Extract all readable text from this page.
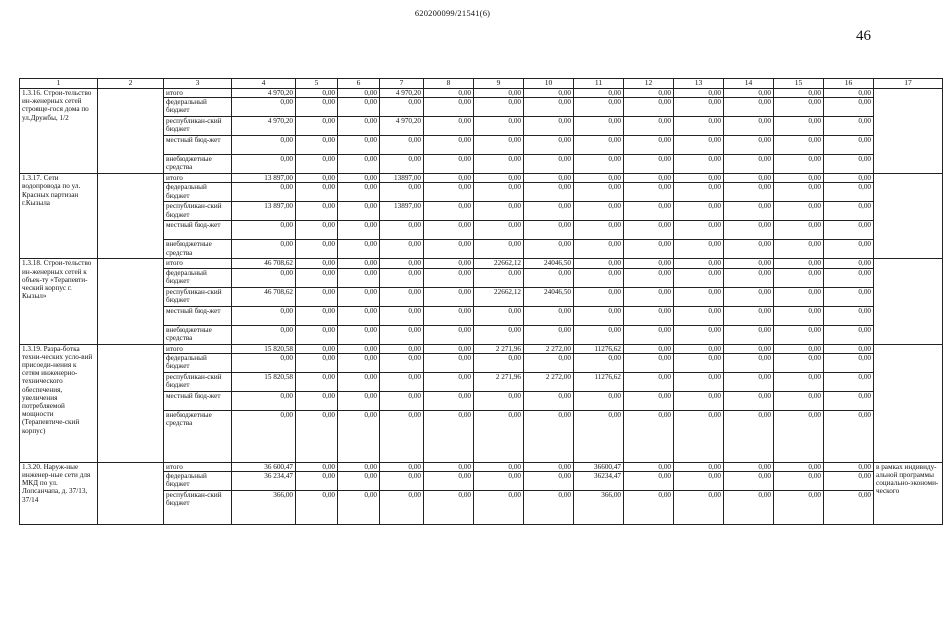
620200099/21541(6)
46
1	2	3	4	5	6	7	8	9	10	11	12	13	14	15	16	17
1.3.16. Строи-тельство ин-женерных сетей строяще-гося дома по ул.Дружбы, 1/2		итого	4 970,20	0,00	0,00	4 970,20	0,00	0,00	0,00	0,00	0,00	0,00	0,00	0,00	0,00	
		федеральный бюджет	0,00	0,00	0,00	0,00	0,00	0,00	0,00	0,00	0,00	0,00	0,00	0,00	0,00	
		республикан-ский бюджет	4 970,20	0,00	0,00	4 970,20	0,00	0,00	0,00	0,00	0,00	0,00	0,00	0,00	0,00	
		местный бюд-жет	0,00	0,00	0,00	0,00	0,00	0,00	0,00	0,00	0,00	0,00	0,00	0,00	0,00	
		внебюджетные средства	0,00	0,00	0,00	0,00	0,00	0,00	0,00	0,00	0,00	0,00	0,00	0,00	0,00	
1.3.17. Сети водопровода по ул. Красных партизан г.Кызыла		итого	13 897,00	0,00	0,00	13897,00	0,00	0,00	0,00	0,00	0,00	0,00	0,00	0,00	0,00	
		федеральный бюджет	0,00	0,00	0,00	0,00	0,00	0,00	0,00	0,00	0,00	0,00	0,00	0,00	0,00	
		республикан-ский бюджет	13 897,00	0,00	0,00	13897,00	0,00	0,00	0,00	0,00	0,00	0,00	0,00	0,00	0,00	
		местный бюд-жет	0,00	0,00	0,00	0,00	0,00	0,00	0,00	0,00	0,00	0,00	0,00	0,00	0,00	
		внебюджетные средства	0,00	0,00	0,00	0,00	0,00	0,00	0,00	0,00	0,00	0,00	0,00	0,00	0,00	
1.3.18. Строи-тельство ин-женерных сетей к объек-ту «Терапевти-ческий корпус г. Кызыл»		итого	46 708,62	0,00	0,00	0,00	0,00	22662,12	24046,50	0,00	0,00	0,00	0,00	0,00	0,00	
		федеральный бюджет	0,00	0,00	0,00	0,00	0,00	0,00	0,00	0,00	0,00	0,00	0,00	0,00	0,00	
		республикан-ский бюджет	46 708,62	0,00	0,00	0,00	0,00	22662,12	24046,50	0,00	0,00	0,00	0,00	0,00	0,00	
		местный бюд-жет	0,00	0,00	0,00	0,00	0,00	0,00	0,00	0,00	0,00	0,00	0,00	0,00	0,00	
		внебюджетные средства	0,00	0,00	0,00	0,00	0,00	0,00	0,00	0,00	0,00	0,00	0,00	0,00	0,00	
1.3.19. Разра-ботка техни-ческих усло-вий присоеди-нения к сетям инженерно-технического обеспечения, увеличения потребляемой мощности (Терапевтиче-ский корпус)		итого	15 820,58	0,00	0,00	0,00	0,00	2 271,96	2 272,00	11276,62	0,00	0,00	0,00	0,00	0,00	
		федеральный бюджет	0,00	0,00	0,00	0,00	0,00	0,00	0,00	0,00	0,00	0,00	0,00	0,00	0,00	
		республикан-ский бюджет	15 820,58	0,00	0,00	0,00	0,00	2 271,96	2 272,00	11276,62	0,00	0,00	0,00	0,00	0,00	
		местный бюд-жет	0,00	0,00	0,00	0,00	0,00	0,00	0,00	0,00	0,00	0,00	0,00	0,00	0,00	
		внебюджетные средства	0,00	0,00	0,00	0,00	0,00	0,00	0,00	0,00	0,00	0,00	0,00	0,00	0,00	
1.3.20. Наруж-ные инженер-ные сети для МКД по ул. Лопсанчапа, д. 37/13, 37/14		итого	36 600,47	0,00	0,00	0,00	0,00	0,00	0,00	36600,47	0,00	0,00	0,00	0,00	0,00	в рамках индивиду-альной программы социально-экономи-ческого
		федеральный бюджет	36 234,47	0,00	0,00	0,00	0,00	0,00	0,00	36234,47	0,00	0,00	0,00	0,00	0,00	
		республикан-ский бюджет	366,00	0,00	0,00	0,00	0,00	0,00	0,00	366,00	0,00	0,00	0,00	0,00	0,00	
